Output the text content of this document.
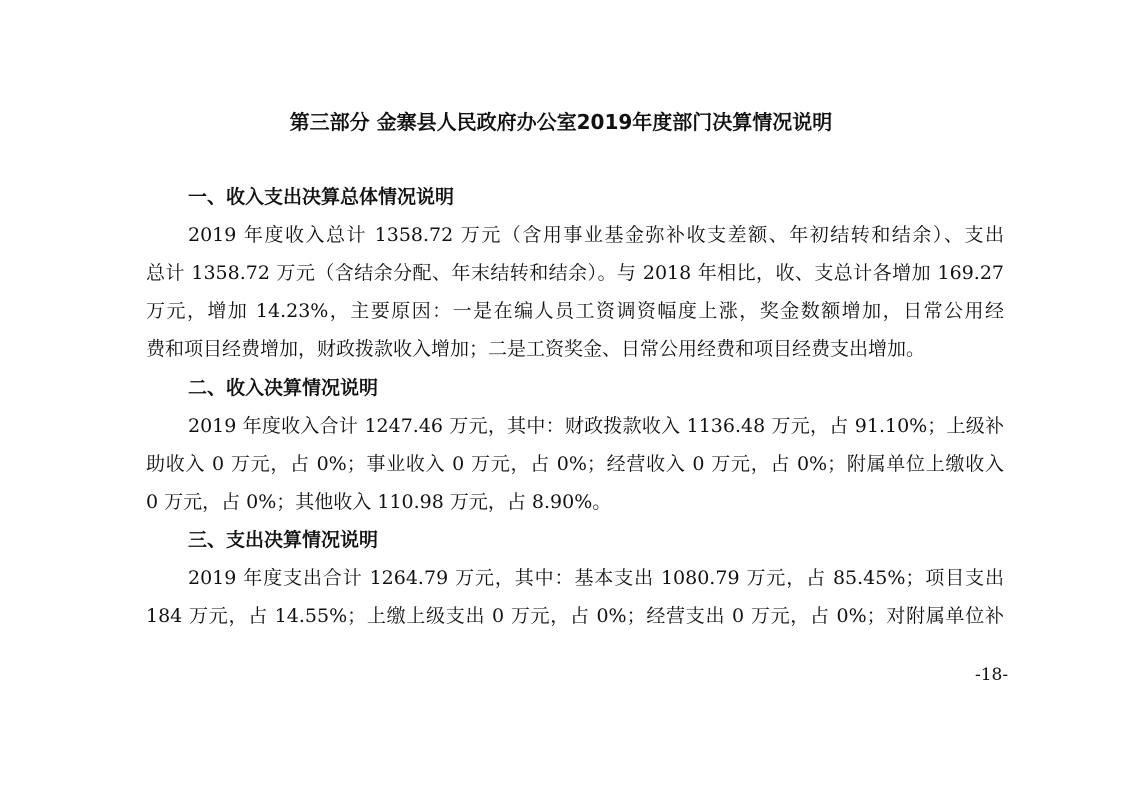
第三部分 金寨县人民政府办公室2019年度部门决算情况说明
一、收入支出决算总体情况说明
2019 年度收入总计 1358.72 万元（含用事业基金弥补收支差额、年初结转和结余）、支出
总计 1358.72 万元（含结余分配、年末结转和结余）。与 2018 年相比，收、支总计各增加 169.27
万元，增加 14.23%，主要原因：一是在编人员工资调资幅度上涨，奖金数额增加，日常公用经
费和项目经费增加，财政拨款收入增加；二是工资奖金、日常公用经费和项目经费支出增加。
二、收入决算情况说明
2019 年度收入合计 1247.46 万元，其中：财政拨款收入 1136.48 万元，占 91.10%；上级补
助收入 0 万元，占 0%；事业收入 0 万元，占 0%；经营收入 0 万元，占 0%；附属单位上缴收入
0 万元，占 0%；其他收入 110.98 万元，占 8.90%。
三、支出决算情况说明
2019 年度支出合计 1264.79 万元，其中：基本支出 1080.79 万元，占 85.45%；项目支出
184 万元，占 14.55%；上缴上级支出 0 万元，占 0%；经营支出 0 万元，占 0%；对附属单位补
-18-
